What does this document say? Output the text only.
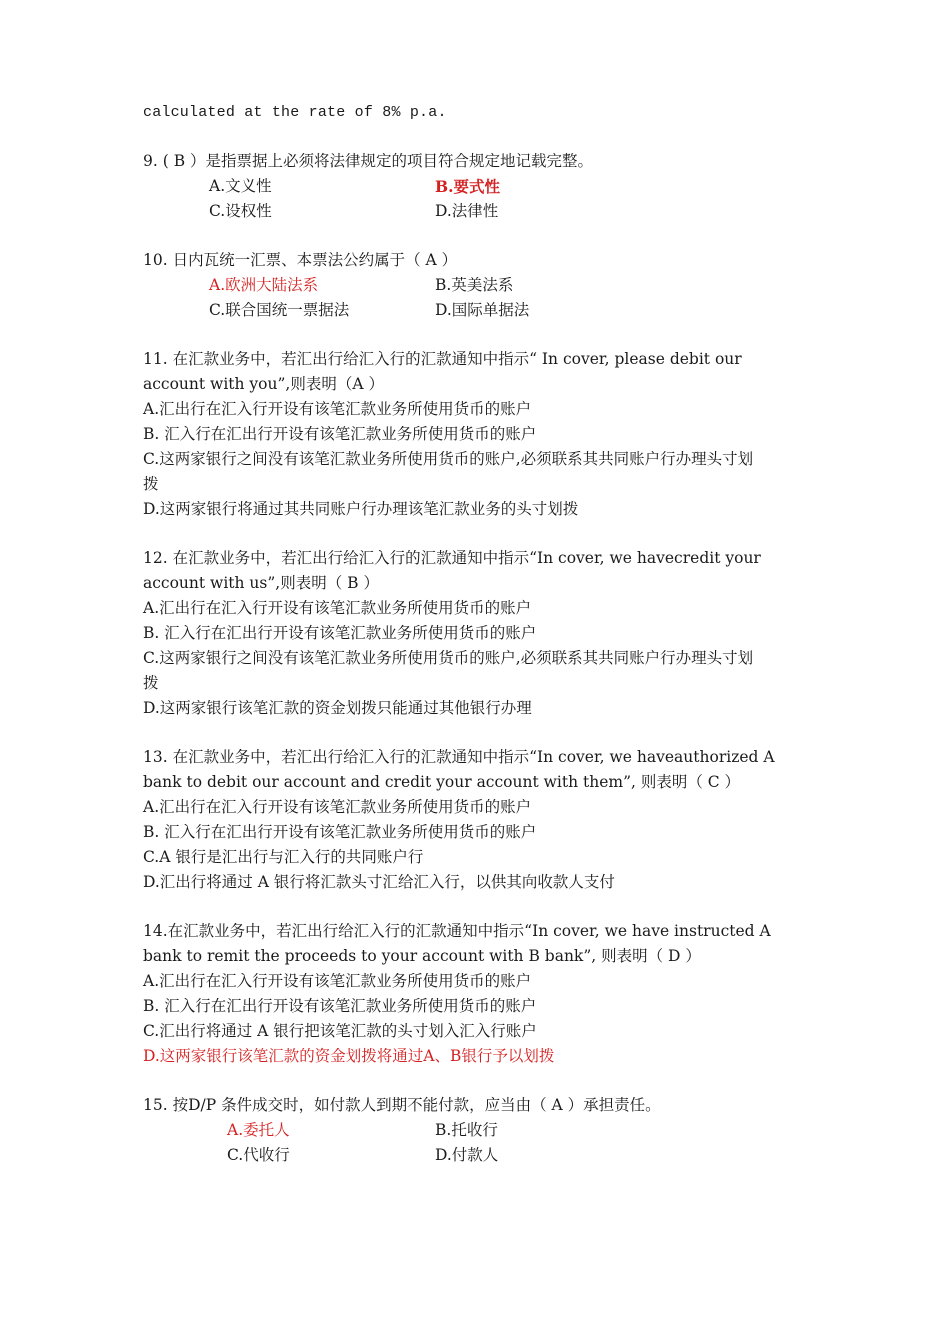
calculated at the rate of 8% p.a.
9. ( B ）是指票据上必须将法律规定的项目符合规定地记载完整。
A.文义性	B.要式性
C.设权性	D.法律性
10. 日内瓦统一汇票、本票法公约属于（ A ）
A.欧洲大陆法系	B.英美法系
C.联合国统一票据法	D.国际单据法
11. 在汇款业务中，若汇出行给汇入行的汇款通知中指示“ In cover, please debit our
account with you”,则表明（A ）
A.汇出行在汇入行开设有该笔汇款业务所使用货币的账户
B. 汇入行在汇出行开设有该笔汇款业务所使用货币的账户
C.这两家银行之间没有该笔汇款业务所使用货币的账户,必须联系其共同账户行办理头寸划
拨
D.这两家银行将通过其共同账户行办理该笔汇款业务的头寸划拨
12. 在汇款业务中，若汇出行给汇入行的汇款通知中指示“In cover, we havecredit your
account with us”,则表明（ B ）
A.汇出行在汇入行开设有该笔汇款业务所使用货币的账户
B. 汇入行在汇出行开设有该笔汇款业务所使用货币的账户
C.这两家银行之间没有该笔汇款业务所使用货币的账户,必须联系其共同账户行办理头寸划
拨
D.这两家银行该笔汇款的资金划拨只能通过其他银行办理
13. 在汇款业务中，若汇出行给汇入行的汇款通知中指示“In cover, we haveauthorized A
bank to debit our account and credit your account with them”, 则表明（ C ）
A.汇出行在汇入行开设有该笔汇款业务所使用货币的账户
B. 汇入行在汇出行开设有该笔汇款业务所使用货币的账户
C.A 银行是汇出行与汇入行的共同账户行
D.汇出行将通过 A 银行将汇款头寸汇给汇入行，以供其向收款人支付
14.在汇款业务中，若汇出行给汇入行的汇款通知中指示“In cover, we have instructed A
bank to remit the proceeds to your account with B bank”, 则表明（ D ）
A.汇出行在汇入行开设有该笔汇款业务所使用货币的账户
B. 汇入行在汇出行开设有该笔汇款业务所使用货币的账户
C.汇出行将通过 A 银行把该笔汇款的头寸划入汇入行账户
D.这两家银行该笔汇款的资金划拨将通过A、B银行予以划拨
15. 按D/P 条件成交时，如付款人到期不能付款，应当由（ A ）承担责任。
A.委托人	B.托收行
C.代收行	D.付款人
